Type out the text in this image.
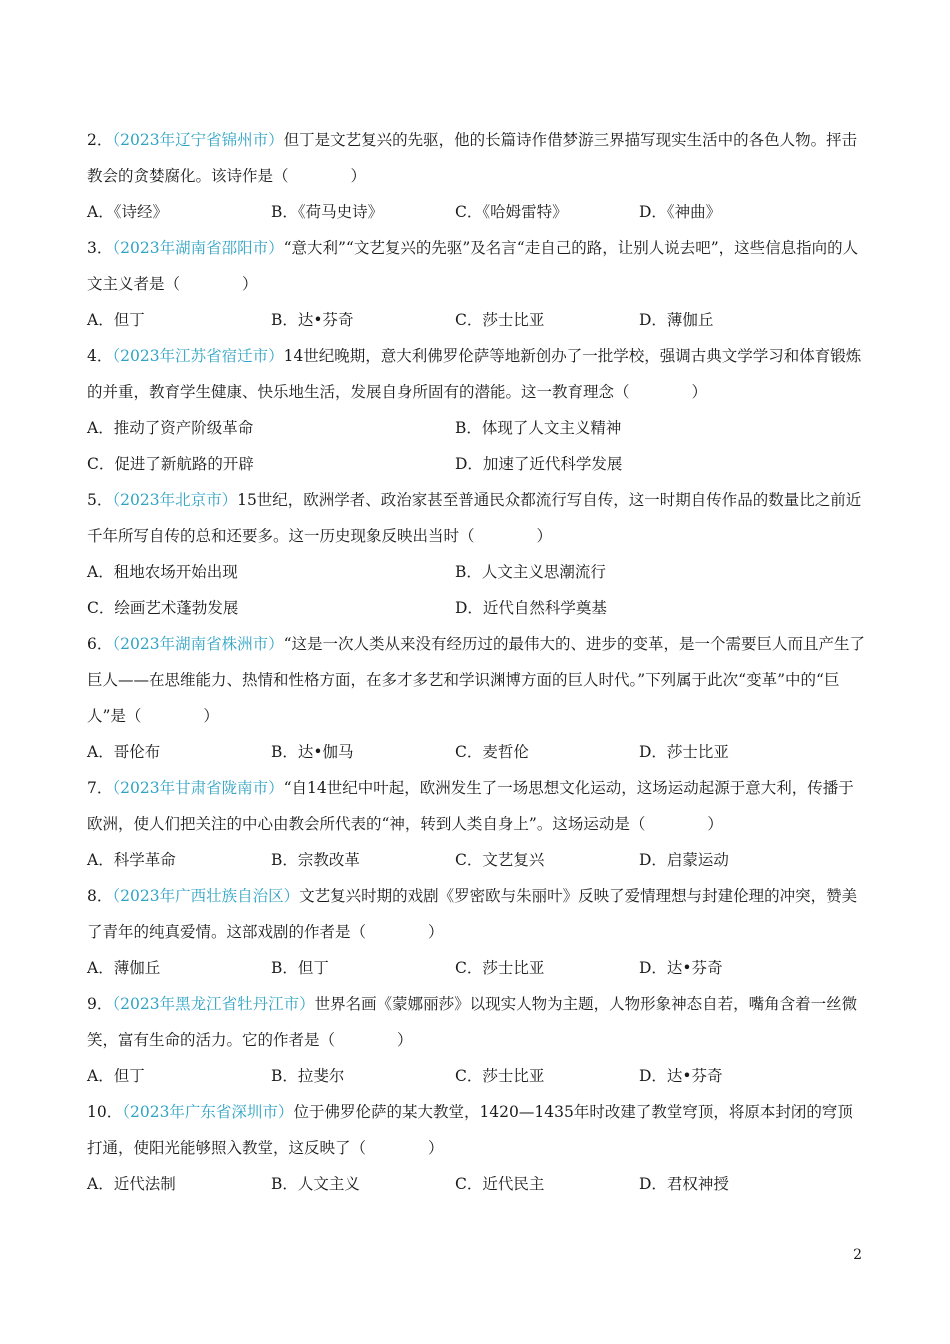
2．（2023年辽宁省锦州市）但丁是文艺复兴的先驱，他的长篇诗作借梦游三界描写现实生活中的各色人物。抨击教会的贪婪腐化。该诗作是（　　　　）
A．《诗经》	B．《荷马史诗》	C．《哈姆雷特》	D．《神曲》
3．（2023年湖南省邵阳市）“意大利”“文艺复兴的先驱”及名言“走自己的路，让别人说去吧”，这些信息指向的人文主义者是（　　　　）
A．但丁	B．达•芬奇	C．莎士比亚	D．薄伽丘
4．（2023年江苏省宿迁市）14世纪晚期，意大利佛罗伦萨等地新创办了一批学校，强调古典文学学习和体育锻炼的并重，教育学生健康、快乐地生活，发展自身所固有的潜能。这一教育理念（　　　　）
A．推动了资产阶级革命	B．体现了人文主义精神
C．促进了新航路的开辟	D．加速了近代科学发展
5．（2023年北京市）15世纪，欧洲学者、政治家甚至普通民众都流行写自传，这一时期自传作品的数量比之前近千年所写自传的总和还要多。这一历史现象反映出当时（　　　　）
A．租地农场开始出现	B．人文主义思潮流行
C．绘画艺术蓬勃发展	D．近代自然科学奠基
6．（2023年湖南省株洲市）“这是一次人类从来没有经历过的最伟大的、进步的变革，是一个需要巨人而且产生了巨人——在思维能力、热情和性格方面，在多才多艺和学识渊博方面的巨人时代。”下列属于此次“变革”中的“巨人”是（　　　　）
A．哥伦布	B．达•伽马	C．麦哲伦	D．莎士比亚
7．（2023年甘肃省陇南市）“自14世纪中叶起，欧洲发生了一场思想文化运动，这场运动起源于意大利，传播于欧洲，使人们把关注的中心由教会所代表的“神，转到人类自身上”。这场运动是（　　　　）
A．科学革命	B．宗教改革	C．文艺复兴	D．启蒙运动
8．（2023年广西壮族自治区）文艺复兴时期的戏剧《罗密欧与朱丽叶》反映了爱情理想与封建伦理的冲突，赞美了青年的纯真爱情。这部戏剧的作者是（　　　　）
A．薄伽丘	B．但丁	C．莎士比亚	D．达•芬奇
9．（2023年黑龙江省牡丹江市）世界名画《蒙娜丽莎》以现实人物为主题，人物形象神态自若，嘴角含着一丝微笑，富有生命的活力。它的作者是（　　　　）
A．但丁	B．拉斐尔	C．莎士比亚	D．达•芬奇
10．（2023年广东省深圳市）位于佛罗伦萨的某大教堂，1420—1435年时改建了教堂穹顶，将原本封闭的穹顶打通，使阳光能够照入教堂，这反映了（　　　　）
A．近代法制	B．人文主义	C．近代民主	D．君权神授
2
